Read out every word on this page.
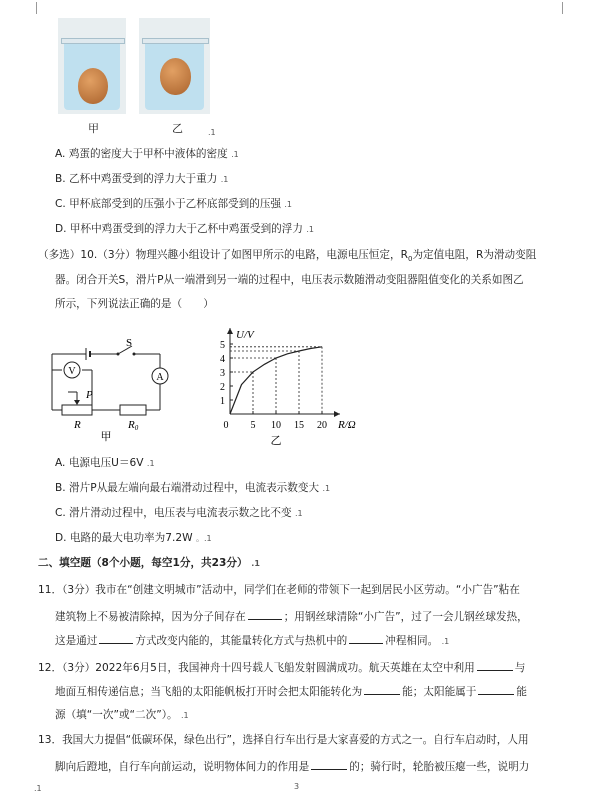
甲	乙	.1
A. 鸡蛋的密度大于甲杯中液体的密度 .1
B. 乙杯中鸡蛋受到的浮力大于重力 .1
C. 甲杯底部受到的压强小于乙杯底部受到的压强 .1
D. 甲杯中鸡蛋受到的浮力大于乙杯中鸡蛋受到的浮力 .1
（多选）10.（3分）物理兴趣小组设计了如图甲所示的电路，电源电压恒定，$R_0$为定值电阻，R为滑动变阻
器。闭合开关S，滑片P从一端滑到另一端的过程中，电压表示数随滑动变阻器阻值变化的关系如图乙
所示，下列说法正确的是（　　）
V
A
S
P
R	R0
甲
1
2
3
4
5
0 5 10 15 20
U/V
R/Ω
乙
A. 电源电压U＝6V .1
B. 滑片P从最左端向最右端滑动过程中，电流表示数变大 .1
C. 滑片滑动过程中，电压表与电流表示数之比不变 .1
D. 电路的最大电功率为7.2W 。.1
二、填空题（8个小题，每空1分，共23分） .1
11．（3分）我市在“创建文明城市”活动中，同学们在老师的带领下一起到居民小区劳动。“小广告”粘在
建筑物上不易被清除掉，因为分子间存在	；用钢丝球清除“小广告”，过了一会儿钢丝球发热，
这是通过	方式改变内能的，其能量转化方式与热机中的	冲程相同。 .1
12．（3分）2022年6月5日，我国神舟十四号载人飞船发射圆满成功。航天英雄在太空中利用	与
地面互相传递信息；当飞船的太阳能帆板打开时会把太阳能转化为	能；太阳能属于	能
源（填“一次”或“二次”）。 .1
13．我国大力提倡“低碳环保，绿色出行”，选择自行车出行是大家喜爱的方式之一。自行车启动时，人用
脚向后蹬地，自行车向前运动，说明物体间力的作用是	的；骑行时，轮胎被压瘪一些，说明力
.1	3
